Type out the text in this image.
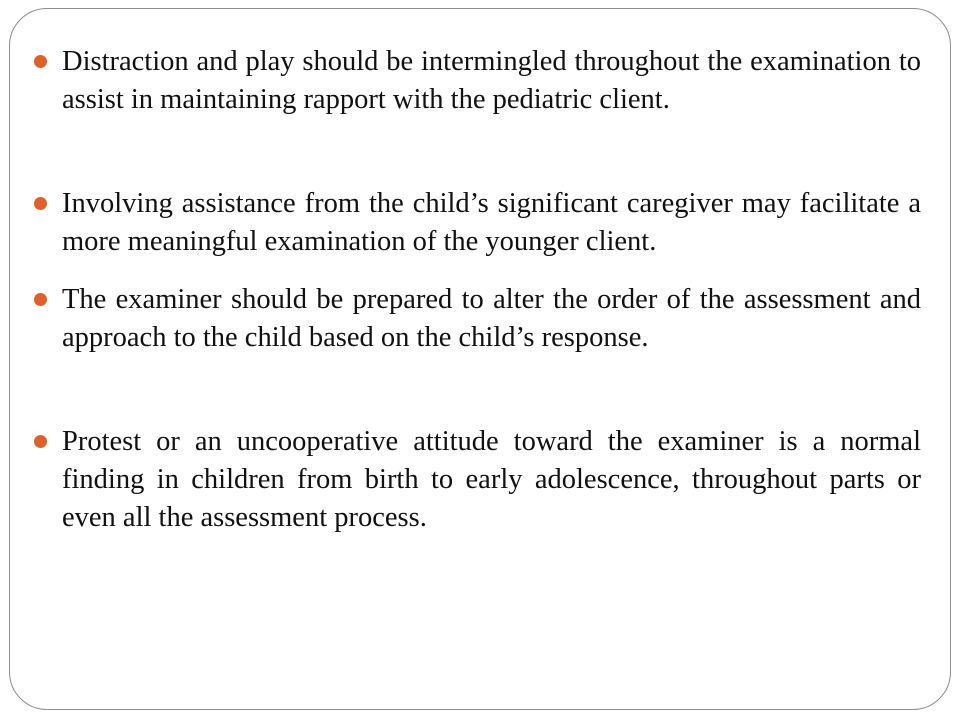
Distraction and play should be intermingled throughout the examination to assist in maintaining rapport with the pediatric client.
Involving assistance from the child’s significant caregiver may facilitate a more meaningful examination of the younger client.
The examiner should be prepared to alter the order of the assessment and approach to the child based on the child’s response.
Protest or an uncooperative attitude toward the examiner is a normal finding in children from birth to early adolescence, throughout parts or even all the assessment process.
